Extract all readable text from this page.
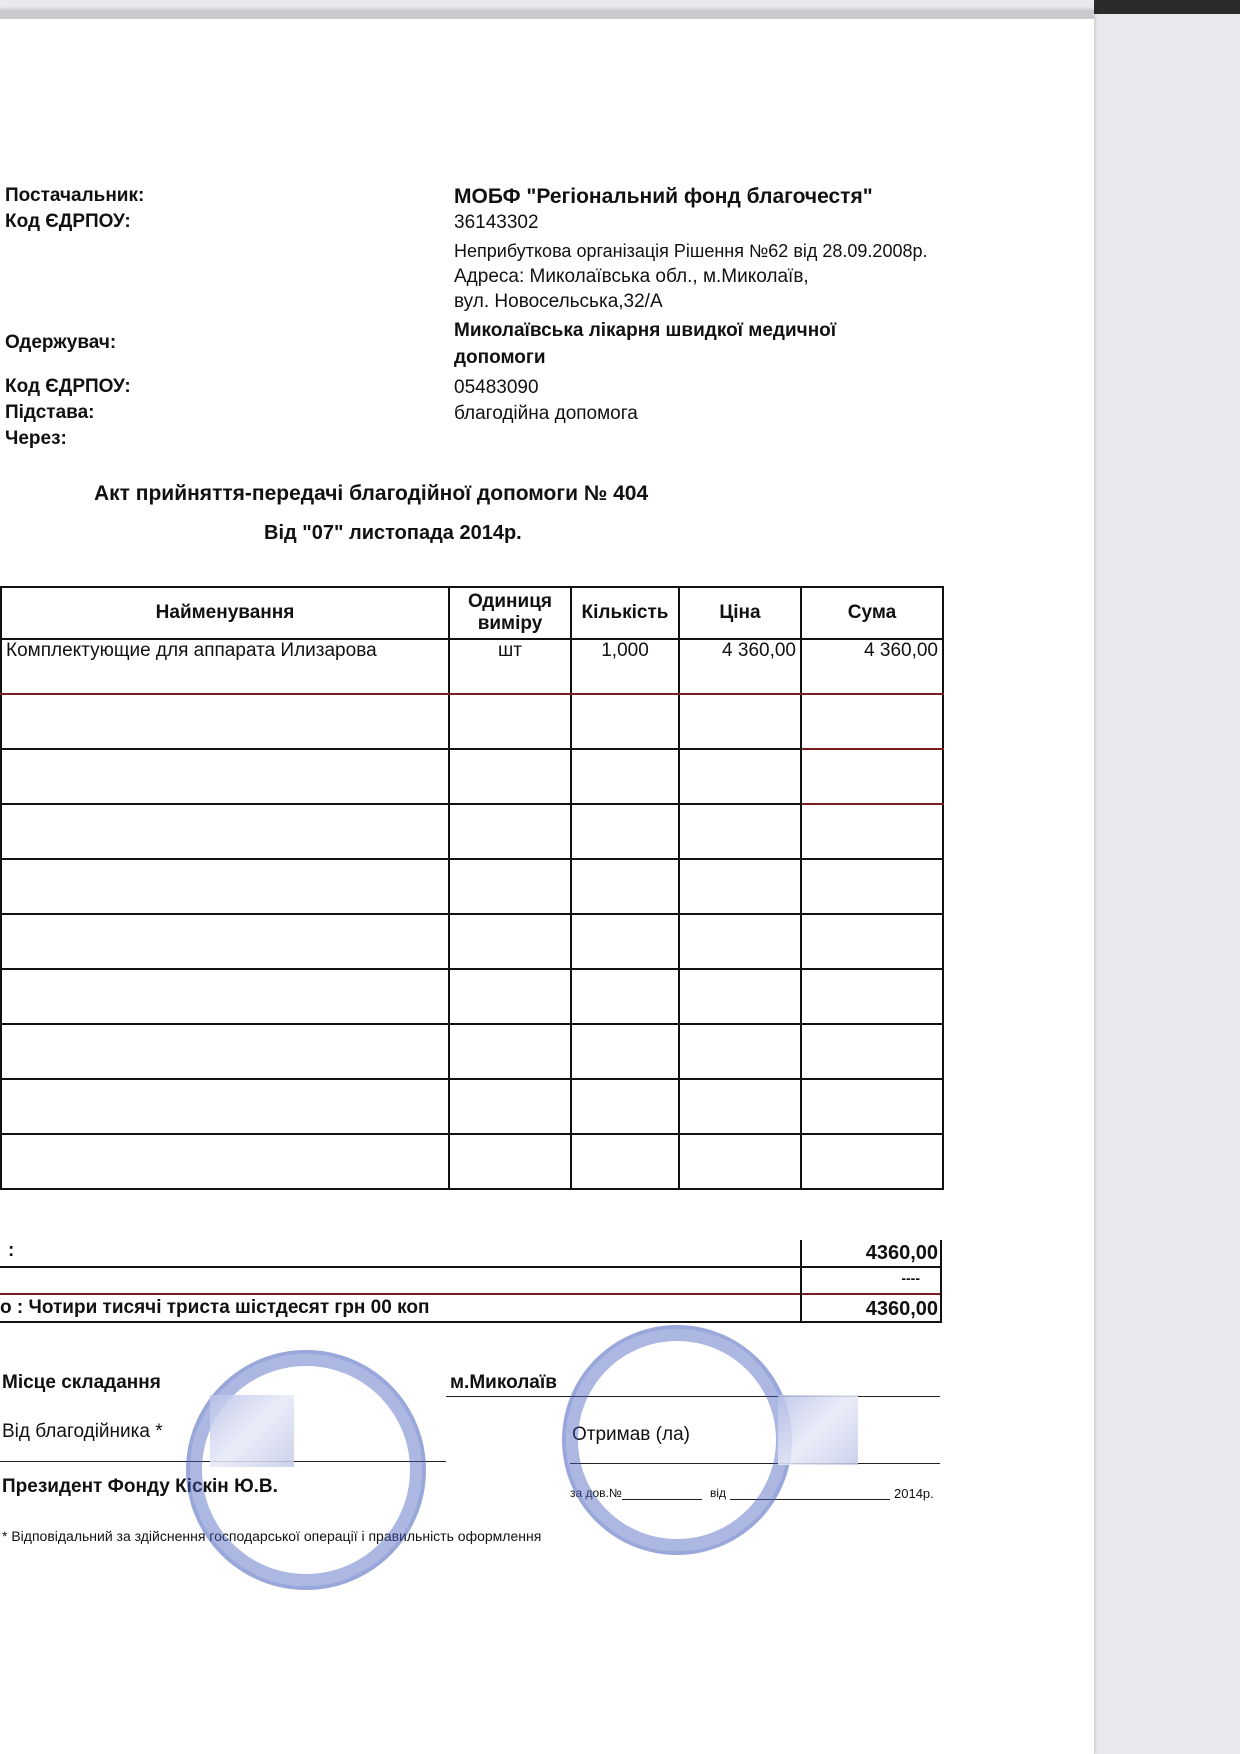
Постачальник:	МОБФ "Регіональний фонд благочестя"
Код ЄДРПОУ:	36143302
Неприбуткова організація Рішення №62 від 28.09.2008р.
Адреса: Миколаївська обл., м.Миколаїв,
вул. Новосельська,32/А
Одержувач:
Миколаївська лікарня швидкої медичної
допомоги
Код ЄДРПОУ:	05483090
Підстава:	благодійна допомога
Через:
Акт прийняття-передачі благодійної допомоги № 404
Від "07" листопада 2014р.
Найменування	Одиниця виміру	Кількість	Ціна	Сума
Комплектующие для аппарата Илизарова	шт	1,000	4 360,00	4 360,00

:	4360,00
----
о : Чотири тисячі триста шістдесят грн 00 коп	4360,00
Місце складання	м.Миколаїв
Від благодійника *	Отримав (ла)
Президент Фонду Кіскін Ю.В.	за дов.№	від	2014р.
* Відповідальний за здійснення господарської операції і правильність оформлення
